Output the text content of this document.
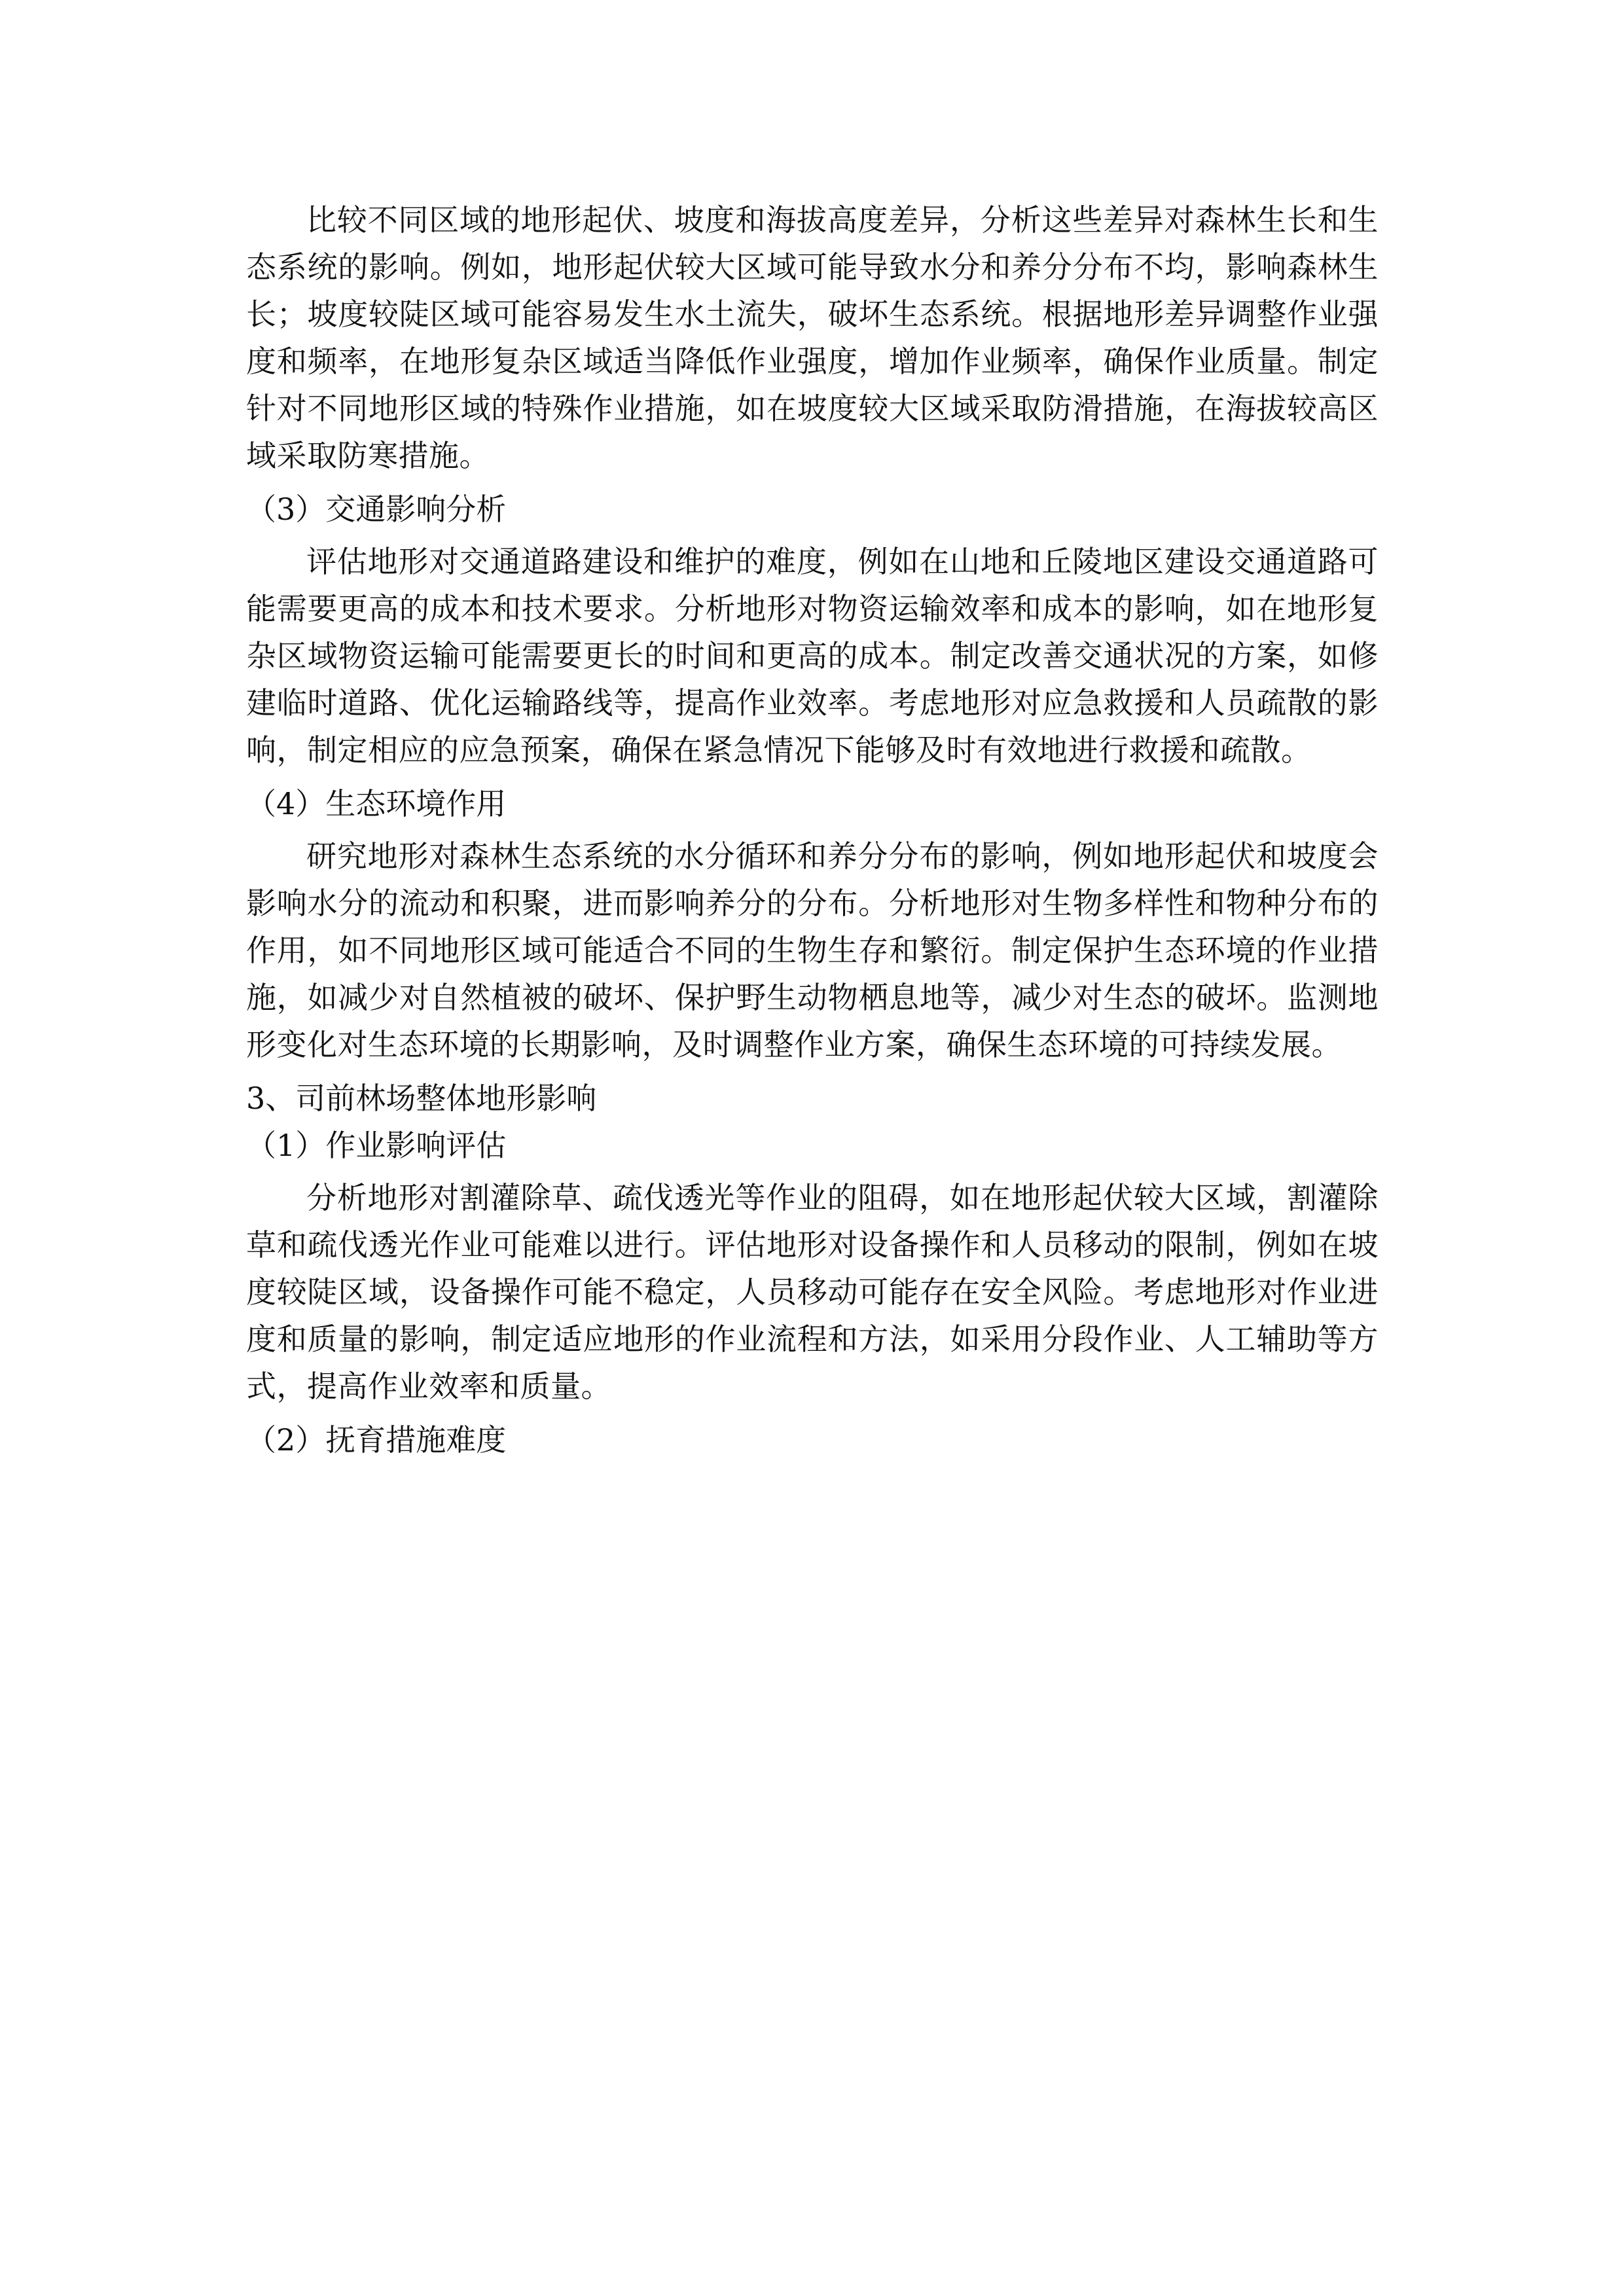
比较不同区域的地形起伏、坡度和海拔高度差异，分析这些差异对森林生长和生态系统的影响。例如，地形起伏较大区域可能导致水分和养分分布不均，影响森林生长；坡度较陡区域可能容易发生水土流失，破坏生态系统。根据地形差异调整作业强度和频率，在地形复杂区域适当降低作业强度，增加作业频率，确保作业质量。制定针对不同地形区域的特殊作业措施，如在坡度较大区域采取防滑措施，在海拔较高区域采取防寒措施。

（3）交通影响分析

评估地形对交通道路建设和维护的难度，例如在山地和丘陵地区建设交通道路可能需要更高的成本和技术要求。分析地形对物资运输效率和成本的影响，如在地形复杂区域物资运输可能需要更长的时间和更高的成本。制定改善交通状况的方案，如修建临时道路、优化运输路线等，提高作业效率。考虑地形对应急救援和人员疏散的影响，制定相应的应急预案，确保在紧急情况下能够及时有效地进行救援和疏散。

（4）生态环境作用

研究地形对森林生态系统的水分循环和养分分布的影响，例如地形起伏和坡度会影响水分的流动和积聚，进而影响养分的分布。分析地形对生物多样性和物种分布的作用，如不同地形区域可能适合不同的生物生存和繁衍。制定保护生态环境的作业措施，如减少对自然植被的破坏、保护野生动物栖息地等，减少对生态的破坏。监测地形变化对生态环境的长期影响，及时调整作业方案，确保生态环境的可持续发展。

3、司前林场整体地形影响

（1）作业影响评估

分析地形对割灌除草、疏伐透光等作业的阻碍，如在地形起伏较大区域，割灌除草和疏伐透光作业可能难以进行。评估地形对设备操作和人员移动的限制，例如在坡度较陡区域，设备操作可能不稳定，人员移动可能存在安全风险。考虑地形对作业进度和质量的影响，制定适应地形的作业流程和方法，如采用分段作业、人工辅助等方式，提高作业效率和质量。

（2）抚育措施难度
